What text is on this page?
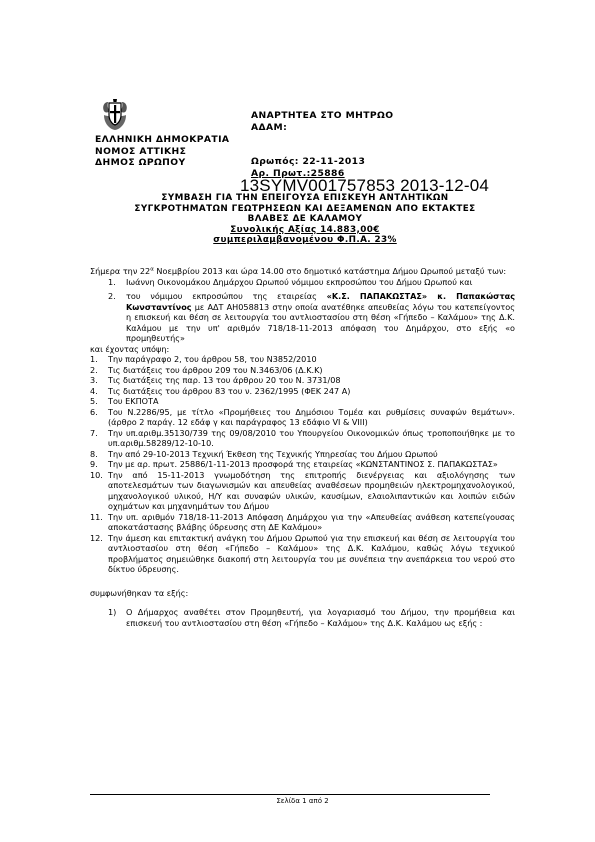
ΕΛΛΗΝΙΚΗ ΔΗΜΟΚΡΑΤΙΑ
ΝΟΜΟΣ ΑΤΤΙΚΗΣ
ΔΗΜΟΣ ΩΡΩΠΟΥ
ΑΝΑΡΤΗΤΕΑ ΣΤΟ ΜΗΤΡΩΟ
ΑΔΑΜ:
Ωρωπός: 22-11-2013
Αρ. Πρωτ.:25886
13SYMV001757853 2013-12-04
ΣΥΜΒΑΣΗ ΓΙΑ ΤΗΝ ΕΠΕΙΓΟΥΣΑ ΕΠΙΣΚΕΥΗ ΑΝΤΛΗΤΙΚΩΝ
ΣΥΓΚΡΟΤΗΜΑΤΩΝ ΓΕΩΤΡΗΣΕΩΝ ΚΑΙ ΔΕΞΑΜΕΝΩΝ ΑΠΟ ΕΚΤΑΚΤΕΣ
ΒΛΑΒΕΣ ΔΕ ΚΑΛΑΜΟΥ
Συνολικής Αξίας 14.883,00€
συμπεριλαμβανομένου Φ.Π.Α. 23%

Σήμερα την $22^\alpha$ Νοεμβρίου 2013 και ώρα 14.00 στο δημοτικό κατάστημα Δήμου Ωρωπού μεταξύ των:

1.	Ιωάννη Οικονομάκου Δημάρχου Ωρωπού νόμιμου εκπροσώπου του Δήμου Ωρωπού και
2.	του νόμιμου εκπροσώπου της εταιρείας «Κ.Σ. ΠΑΠΑΚΩΣΤΑΣ» κ. Παπακώστας Κωνσταντίνος με ΑΔΤ ΑΗ058813 στην οποία ανατέθηκε απευθείας λόγω του κατεπείγοντος η επισκευή και θέση σε λειτουργία του αντλιοστασίου στη θέση «Γήπεδο – Καλάμου» της Δ.Κ. Καλάμου με την υπ' αριθμόν 718/18-11-2013 απόφαση του Δημάρχου, στο εξής «ο προμηθευτής»

και έχοντας υπόψη:

1.	Την παράγραφο 2, του άρθρου 58, του Ν3852/2010
2.	Τις διατάξεις του άρθρου 209 του Ν.3463/06 (Δ.Κ.Κ)
3.	Τις διατάξεις της παρ. 13 του άρθρου 20 του Ν. 3731/08
4.	Τις διατάξεις του άρθρου 83 του ν. 2362/1995 (ΦΕΚ 247 Α)
5.	Του ΕΚΠΟΤΑ
6.	Του Ν.2286/95, με τίτλο «Προμήθειες του Δημόσιου Τομέα και ρυθμίσεις συναφών θεμάτων». (άρθρο 2 παράγ. 12 εδάφ γ και παράγραφος 13 εδάφιο VI & VIII)
7.	Την υπ.αριθμ.35130/739 της 09/08/2010 του Υπουργείου Οικονομικών όπως τροποποιήθηκε με το υπ.αριθμ.58289/12-10-10.
8.	Την από 29-10-2013 Τεχνική Έκθεση της Τεχνικής Υπηρεσίας του Δήμου Ωρωπού
9.	Την με αρ. πρωτ. 25886/1-11-2013 προσφορά της εταιρείας «ΚΩΝΣΤΑΝΤΙΝΟΣ Σ. ΠΑΠΑΚΩΣΤΑΣ»
10. Την από 15-11-2013 γνωμοδότηση της επιτροπής διενέργειας και αξιολόγησης των αποτελεσμάτων των διαγωνισμών και απευθείας αναθέσεων προμηθειών ηλεκτρομηχανολογικού, μηχανολογικού υλικού, Η/Υ και συναφών υλικών, καυσίμων, ελαιολιπαντικών και λοιπών ειδών οχημάτων και μηχανημάτων του Δήμου
11. Την υπ. αριθμόν 718/18-11-2013 Απόφαση Δημάρχου για την «Απευθείας ανάθεση κατεπείγουσας αποκατάστασης βλάβης ύδρευσης στη ΔΕ Καλάμου»
12. Την άμεση και επιτακτική ανάγκη του Δήμου Ωρωπού για την επισκευή και θέση σε λειτουργία του αντλιοστασίου στη θέση «Γήπεδο – Καλάμου» της Δ.Κ. Καλάμου, καθώς λόγω τεχνικού προβλήματος σημειώθηκε διακοπή στη λειτουργία του με συνέπεια την ανεπάρκεια του νερού στο δίκτυο ύδρευσης.

συμφωνήθηκαν τα εξής:

1)	Ο Δήμαρχος αναθέτει στον Προμηθευτή, για λογαριασμό του Δήμου, την προμήθεια και επισκευή του αντλιοστασίου στη θέση «Γήπεδο – Καλάμου» της Δ.Κ. Καλάμου ως εξής :
Σελίδα 1 από 2
